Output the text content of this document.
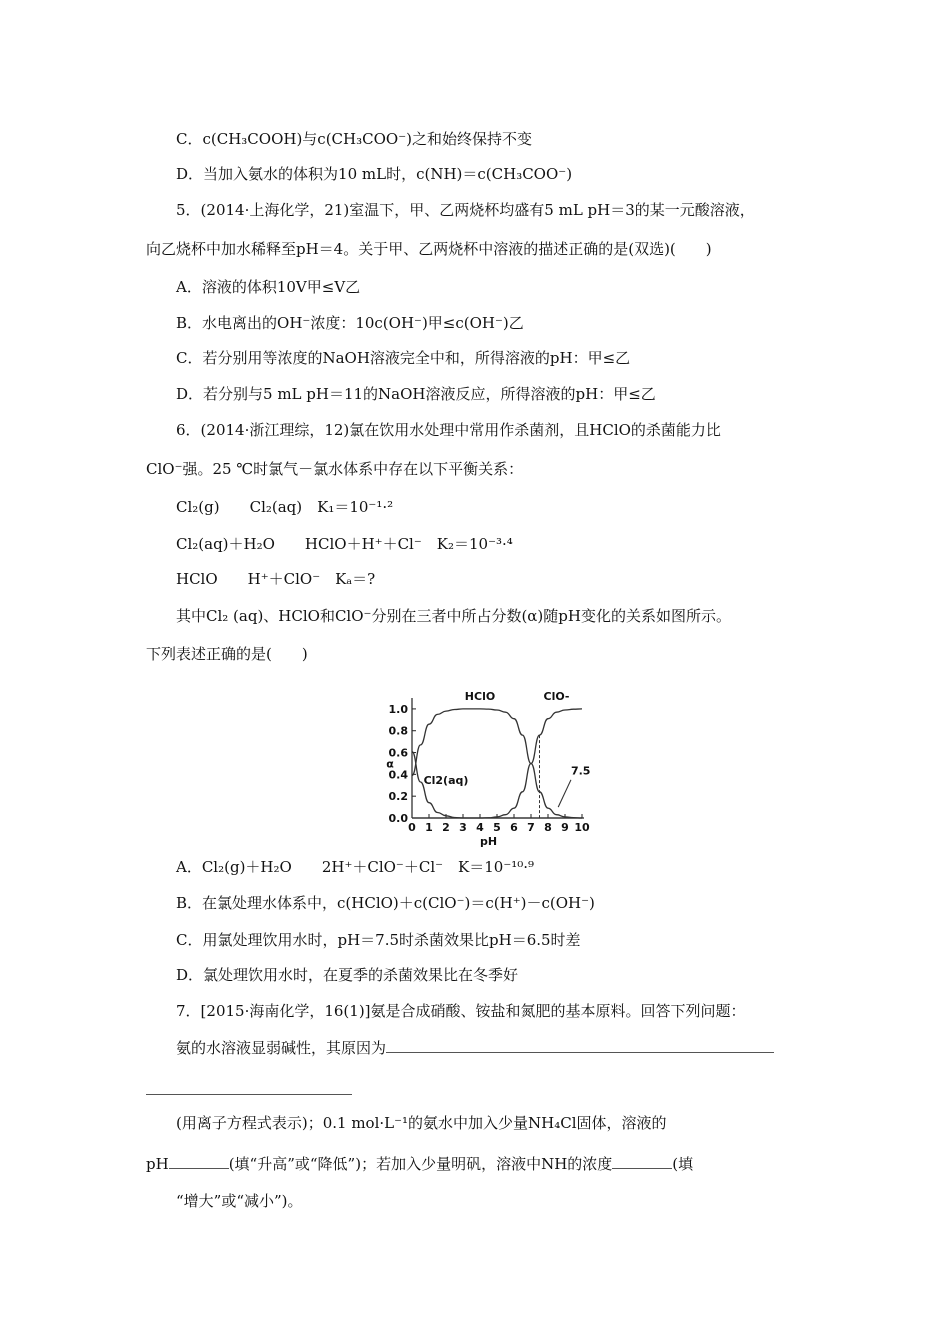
C．c(CH₃COOH)与c(CH₃COO⁻)之和始终保持不变
D．当加入氨水的体积为10 mL时，c(NH)＝c(CH₃COO⁻)
5．(2014·上海化学，21)室温下，甲、乙两烧杯均盛有5 mL pH＝3的某一元酸溶液，
向乙烧杯中加水稀释至pH＝4。关于甲、乙两烧杯中溶液的描述正确的是(双选)(　　)
A．溶液的体积10V甲≤V乙
B．水电离出的OH⁻浓度：10c(OH⁻)甲≤c(OH⁻)乙
C．若分别用等浓度的NaOH溶液完全中和，所得溶液的pH：甲≤乙
D．若分别与5 mL pH＝11的NaOH溶液反应，所得溶液的pH：甲≤乙
6．(2014·浙江理综，12)氯在饮用水处理中常用作杀菌剂，且HClO的杀菌能力比
ClO⁻强。25 ℃时氯气－氯水体系中存在以下平衡关系：
Cl₂(g)　　Cl₂(aq)　K₁＝10⁻¹·²
Cl₂(aq)＋H₂O　　HClO＋H⁺＋Cl⁻　K₂＝10⁻³·⁴
HClO　　H⁺＋ClO⁻　Kₐ＝?
其中Cl₂ (aq)、HClO和ClO⁻分别在三者中所占分数(α)随pH变化的关系如图所示。
下列表述正确的是(　　)
0 1 2 3 4 5 6 7 8 9 10
0.0
0.2
0.4
0.6
0.8
1.0
pH
α
7.5
HClO	ClO-
Cl2(aq)
A．Cl₂(g)＋H₂O　　2H⁺＋ClO⁻＋Cl⁻　K＝10⁻¹⁰·⁹
B．在氯处理水体系中，c(HClO)＋c(ClO⁻)＝c(H⁺)－c(OH⁻)
C．用氯处理饮用水时，pH＝7.5时杀菌效果比pH＝6.5时差
D．氯处理饮用水时，在夏季的杀菌效果比在冬季好
7．[2015·海南化学，16(1)]氨是合成硝酸、铵盐和氮肥的基本原料。回答下列问题：
氨的水溶液显弱碱性，其原因为
(用离子方程式表示)；0.1 mol·L⁻¹的氨水中加入少量NH₄Cl固体，溶液的
pH	(填“升高”或“降低”)；若加入少量明矾，溶液中NH的浓度	(填
“增大”或“减小”)。
